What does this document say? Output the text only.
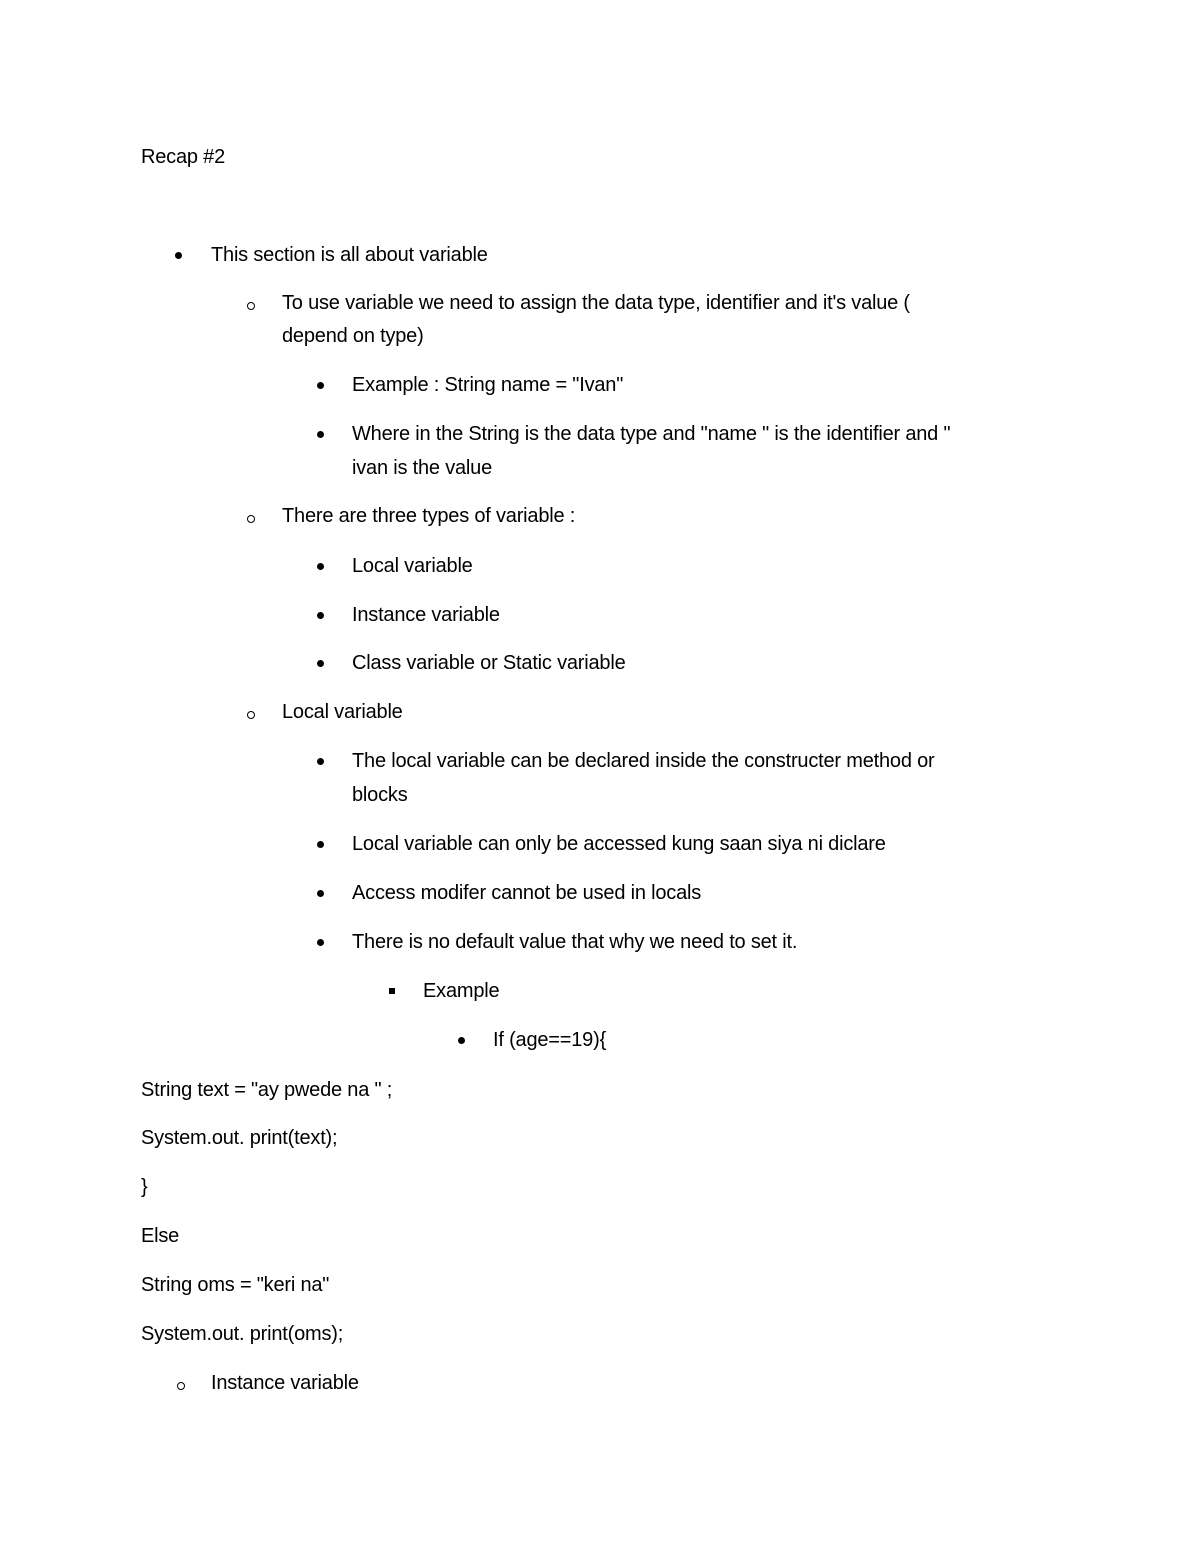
Recap #2
This section is all about variable
To use variable we need to assign the data type, identifier and it's value (
depend on type)
Example : String name = "Ivan"
Where in the String is the data type and "name " is the identifier and "
ivan is the value
There are three types of variable :
Local variable
Instance variable
Class variable or Static variable
Local variable
The local variable can be declared inside the constructer method or
blocks
Local variable can only be accessed kung saan siya ni diclare
Access modifer cannot be used in locals
There is no default value that why we need to set it.
Example
If (age==19){
String text = "ay pwede na " ;
System.out. print(text);
}
Else
String oms = "keri na"
System.out. print(oms);
Instance variable
